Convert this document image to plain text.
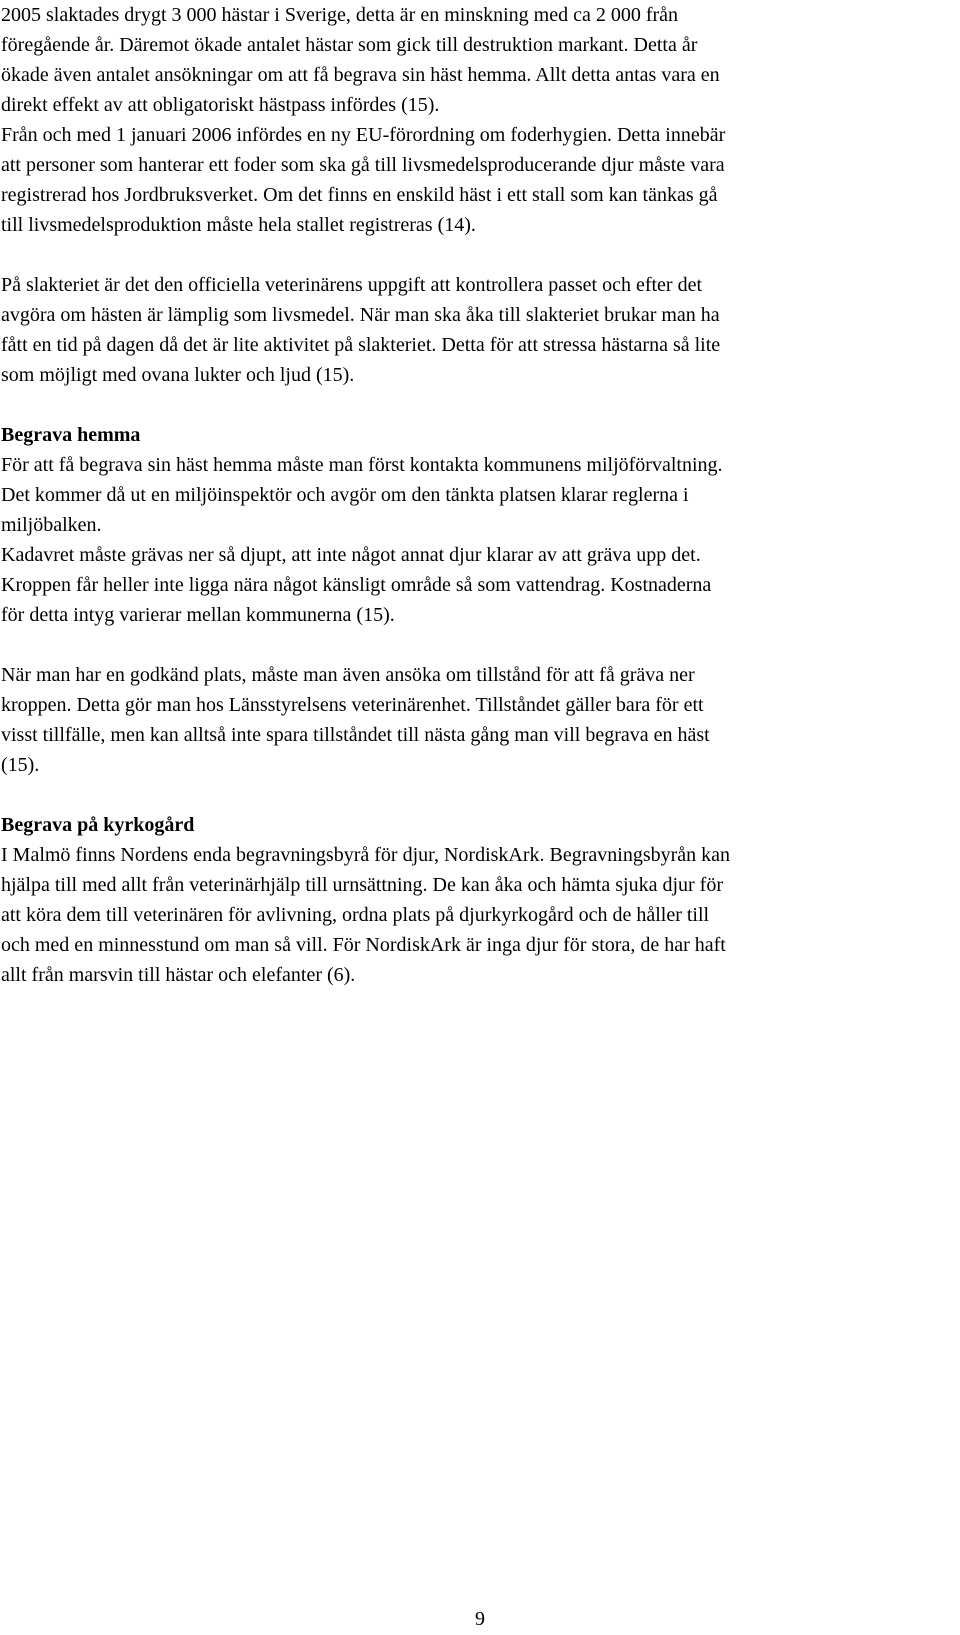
2005 slaktades drygt 3 000 hästar i Sverige, detta är en minskning med ca 2 000 från
föregående år. Däremot ökade antalet hästar som gick till destruktion markant. Detta år
ökade även antalet ansökningar om att få begrava sin häst hemma. Allt detta antas vara en
direkt effekt av att obligatoriskt hästpass infördes (15).
Från och med 1 januari 2006 infördes en ny EU-förordning om foderhygien. Detta innebär
att personer som hanterar ett foder som ska gå till livsmedelsproducerande djur måste vara
registrerad hos Jordbruksverket. Om det finns en enskild häst i ett stall som kan tänkas gå
till livsmedelsproduktion måste hela stallet registreras (14).

På slakteriet är det den officiella veterinärens uppgift att kontrollera passet och efter det
avgöra om hästen är lämplig som livsmedel. När man ska åka till slakteriet brukar man ha
fått en tid på dagen då det är lite aktivitet på slakteriet. Detta för att stressa hästarna så lite
som möjligt med ovana lukter och ljud (15).

Begrava hemma
För att få begrava sin häst hemma måste man först kontakta kommunens miljöförvaltning.
Det kommer då ut en miljöinspektör och avgör om den tänkta platsen klarar reglerna i
miljöbalken.
Kadavret måste grävas ner så djupt, att inte något annat djur klarar av att gräva upp det.
Kroppen får heller inte ligga nära något känsligt område så som vattendrag. Kostnaderna
för detta intyg varierar mellan kommunerna (15).

När man har en godkänd plats, måste man även ansöka om tillstånd för att få gräva ner
kroppen. Detta gör man hos Länsstyrelsens veterinärenhet. Tillståndet gäller bara för ett
visst tillfälle, men kan alltså inte spara tillståndet till nästa gång man vill begrava en häst
(15).

Begrava på kyrkogård
I Malmö finns Nordens enda begravningsbyrå för djur, NordiskArk. Begravningsbyrån kan
hjälpa till med allt från veterinärhjälp till urnsättning. De kan åka och hämta sjuka djur för
att köra dem till veterinären för avlivning, ordna plats på djurkyrkogård och de håller till
och med en minnesstund om man så vill. För NordiskArk är inga djur för stora, de har haft
allt från marsvin till hästar och elefanter (6).

9
